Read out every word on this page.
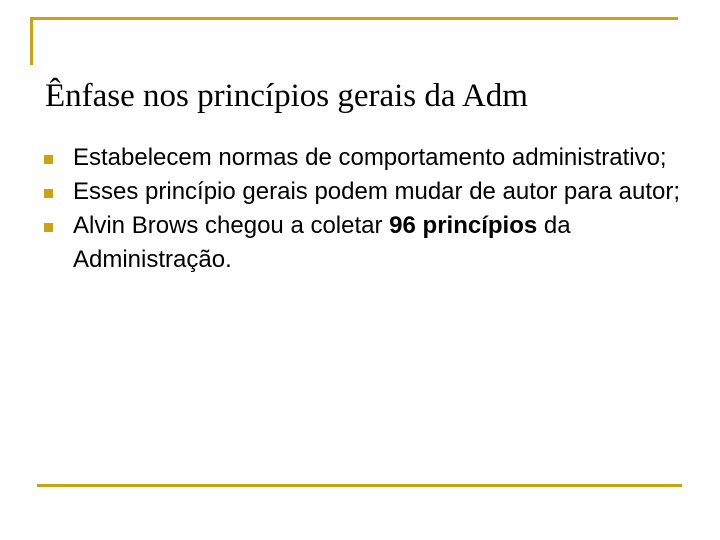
Ênfase nos princípios gerais da Adm
Estabelecem normas de comportamento administrativo;
Esses princípio gerais podem mudar de autor para autor;
Alvin Brows chegou a coletar 96 princípios da Administração.
